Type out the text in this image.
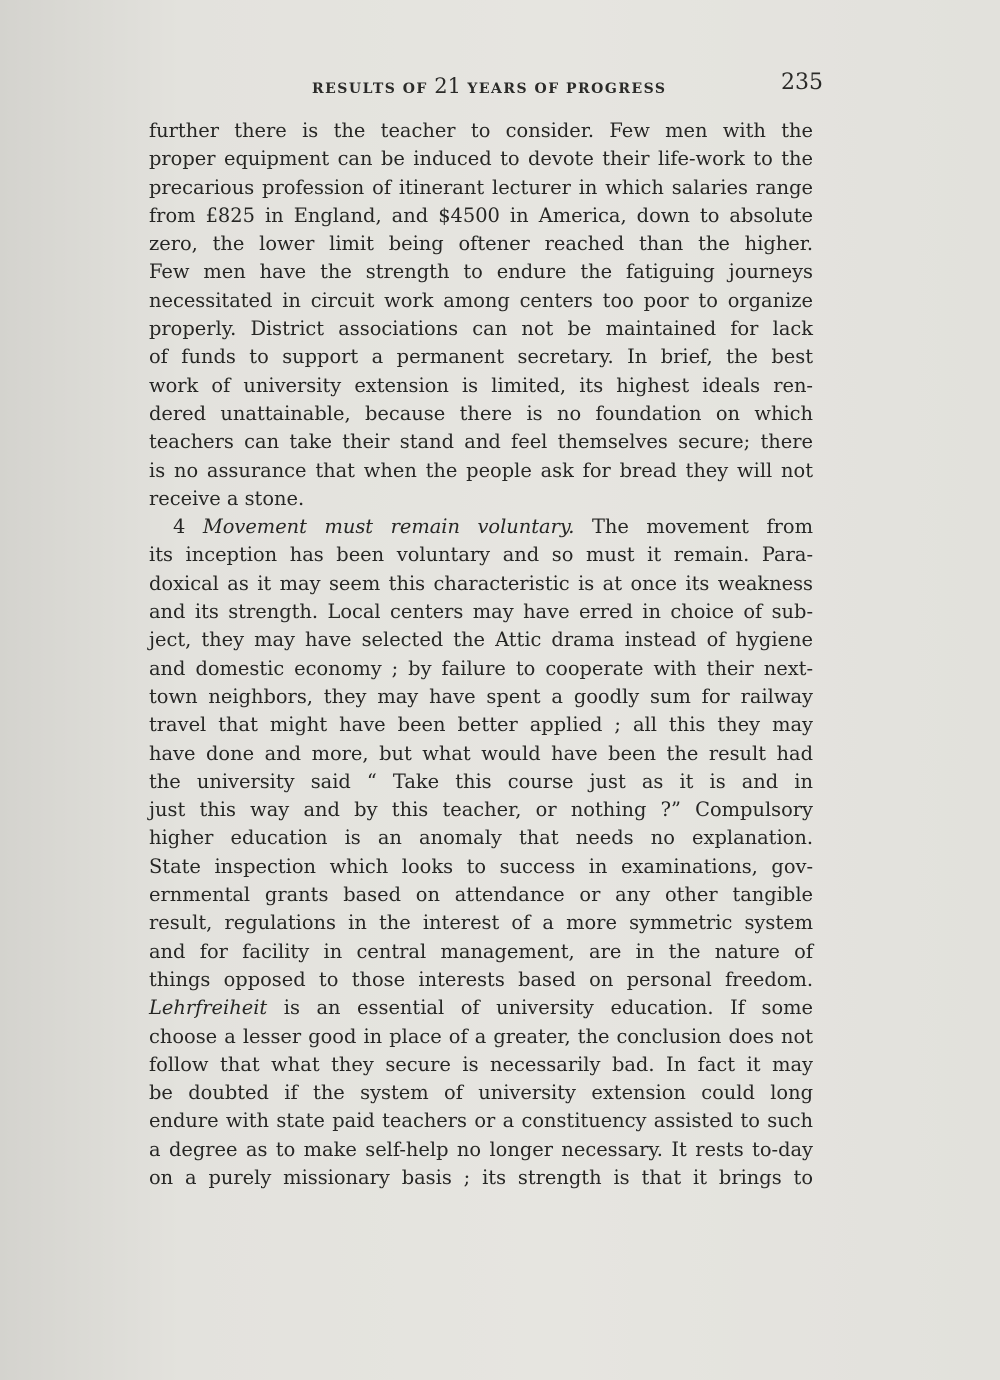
RESULTS OF 21 YEARS OF PROGRESS	235
further there is the teacher to consider. Few men with the
proper equipment can be induced to devote their life-work to the
precarious profession of itinerant lecturer in which salaries range
from £825 in England, and $4500 in America, down to absolute
zero, the lower limit being oftener reached than the higher.
Few men have the strength to endure the fatiguing journeys
necessitated in circuit work among centers too poor to organize
properly. District associations can not be maintained for lack
of funds to support a permanent secretary. In brief, the best
work of university extension is limited, its highest ideals ren-
dered unattainable, because there is no foundation on which
teachers can take their stand and feel themselves secure; there
is no assurance that when the people ask for bread they will not
receive a stone.
4 Movement must remain voluntary. The movement from
its inception has been voluntary and so must it remain. Para-
doxical as it may seem this characteristic is at once its weakness
and its strength. Local centers may have erred in choice of sub-
ject, they may have selected the Attic drama instead of hygiene
and domestic economy ; by failure to cooperate with their next-
town neighbors, they may have spent a goodly sum for railway
travel that might have been better applied ; all this they may
have done and more, but what would have been the result had
the university said “ Take this course just as it is and in
just this way and by this teacher, or nothing ?” Compulsory
higher education is an anomaly that needs no explanation.
State inspection which looks to success in examinations, gov-
ernmental grants based on attendance or any other tangible
result, regulations in the interest of a more symmetric system
and for facility in central management, are in the nature of
things opposed to those interests based on personal freedom.
Lehrfreiheit is an essential of university education. If some
choose a lesser good in place of a greater, the conclusion does not
follow that what they secure is necessarily bad. In fact it may
be doubted if the system of university extension could long
endure with state paid teachers or a constituency assisted to such
a degree as to make self-help no longer necessary. It rests to-day
on a purely missionary basis ; its strength is that it brings to
